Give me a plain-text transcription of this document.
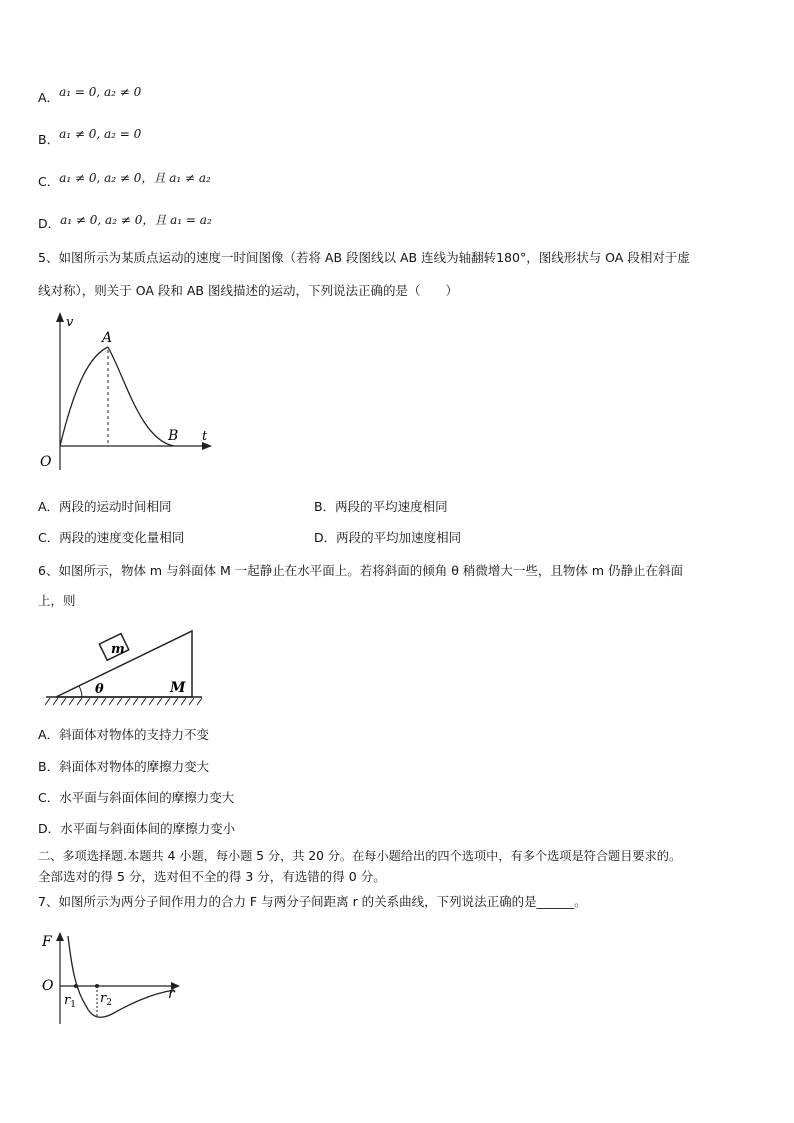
A．a₁ = 0, a₂ ≠ 0
B．a₁ ≠ 0, a₂ = 0
C．a₁ ≠ 0, a₂ ≠ 0，且 a₁ ≠ a₂
D．a₁ ≠ 0, a₂ ≠ 0，且 a₁ = a₂
5、如图所示为某质点运动的速度一时间图像（若将 AB 段图线以 AB 连线为轴翻转180°，图线形状与 OA 段相对于虚
线对称），则关于 OA 段和 AB 图线描述的运动，下列说法正确的是（　　）
v
t
O
A
B
A．两段的运动时间相同	B．两段的平均速度相同
C．两段的速度变化量相同	D．两段的平均加速度相同
6、如图所示，物体 m 与斜面体 M 一起静止在水平面上。若将斜面的倾角 θ 稍微增大一些，且物体 m 仍静止在斜面
上，则
m
θ	M
A．斜面体对物体的支持力不变
B．斜面体对物体的摩擦力变大
C．水平面与斜面体间的摩擦力变大
D．水平面与斜面体间的摩擦力变小
二、多项选择题.本题共 4 小题，每小题 5 分，共 20 分。在每小题给出的四个选项中，有多个选项是符合题目要求的。
全部选对的得 5 分，选对但不全的得 3 分，有选错的得 0 分。
7、如图所示为两分子间作用力的合力 F 与两分子间距离 r 的关系曲线，下列说法正确的是______。
F
O	r
$r_1$ $r_2$
